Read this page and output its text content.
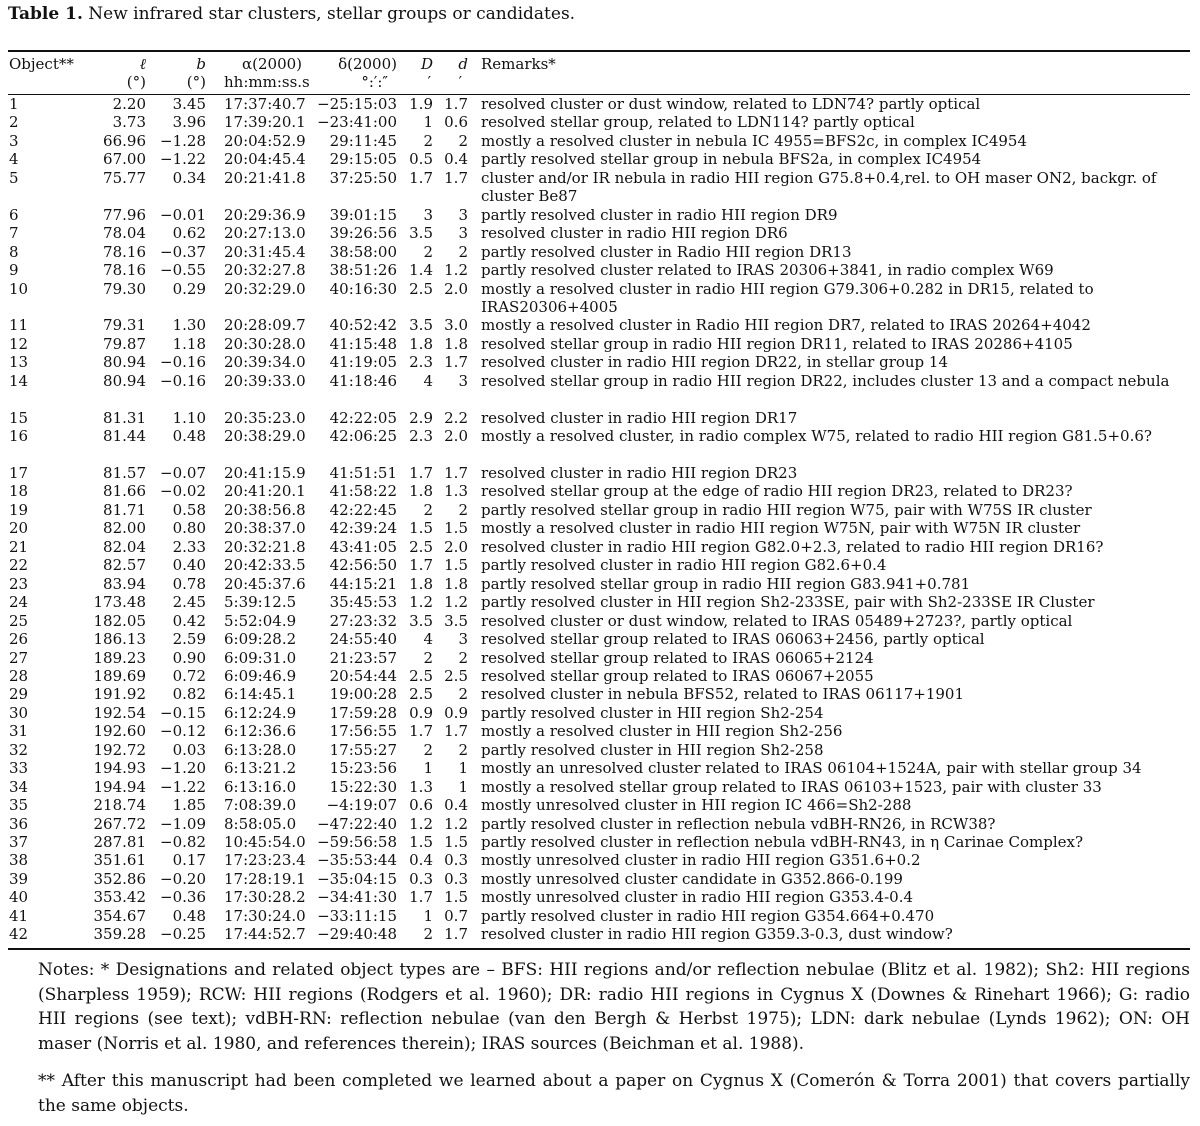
Table 1. New infrared star clusters, stellar groups or candidates.
Object**	ℓ	b α(2000) δ(2000) D d Remarks*
(°)	(°) hh:mm:ss.s	°:′:″	′ ′
1	2.20 3.45 17:37:40.7 −25:15:03 1.9 1.7 resolved cluster or dust window, related to LDN74? partly optical
2	3.73 3.96 17:39:20.1 −23:41:00 1 0.6 resolved stellar group, related to LDN114? partly optical
3	66.96 −1.28 20:04:52.9 29:11:45 2 2 mostly a resolved cluster in nebula IC 4955=BFS2c, in complex IC4954
4	67.00 −1.22 20:04:45.4 29:15:05 0.5 0.4 partly resolved stellar group in nebula BFS2a, in complex IC4954
5	75.77 0.34 20:21:41.8 37:25:50 1.7 1.7 cluster and/or IR nebula in radio HII region G75.8+0.4,rel. to OH maser ON2, backgr. of cluster Be87
6	77.96 −0.01 20:29:36.9 39:01:15 3 3 partly resolved cluster in radio HII region DR9
7	78.04 0.62 20:27:13.0 39:26:56 3.5 3 resolved cluster in radio HII region DR6
8	78.16 −0.37 20:31:45.4 38:58:00 2 2 partly resolved cluster in Radio HII region DR13
9	78.16 −0.55 20:32:27.8 38:51:26 1.4 1.2 partly resolved cluster related to IRAS 20306+3841, in radio complex W69
10	79.30 0.29 20:32:29.0 40:16:30 2.5 2.0 mostly a resolved cluster in radio HII region G79.306+0.282 in DR15, related to IRAS20306+4005
11	79.31 1.30 20:28:09.7 40:52:42 3.5 3.0 mostly a resolved cluster in Radio HII region DR7, related to IRAS 20264+4042
12	79.87 1.18 20:30:28.0 41:15:48 1.8 1.8 resolved stellar group in radio HII region DR11, related to IRAS 20286+4105
13	80.94 −0.16 20:39:34.0 41:19:05 2.3 1.7 resolved cluster in radio HII region DR22, in stellar group 14
14	80.94 −0.16 20:39:33.0 41:18:46 4 3 resolved stellar group in radio HII region DR22, includes cluster 13 and a compact nebula
15	81.31 1.10 20:35:23.0 42:22:05 2.9 2.2 resolved cluster in radio HII region DR17
16	81.44 0.48 20:38:29.0 42:06:25 2.3 2.0 mostly a resolved cluster, in radio complex W75, related to radio HII region G81.5+0.6?
17	81.57 −0.07 20:41:15.9 41:51:51 1.7 1.7 resolved cluster in radio HII region DR23
18	81.66 −0.02 20:41:20.1 41:58:22 1.8 1.3 resolved stellar group at the edge of radio HII region DR23, related to DR23?
19	81.71 0.58 20:38:56.8 42:22:45 2 2 partly resolved stellar group in radio HII region W75, pair with W75S IR cluster
20	82.00 0.80 20:38:37.0 42:39:24 1.5 1.5 mostly a resolved cluster in radio HII region W75N, pair with W75N IR cluster
21	82.04 2.33 20:32:21.8 43:41:05 2.5 2.0 resolved cluster in radio HII region G82.0+2.3, related to radio HII region DR16?
22	82.57 0.40 20:42:33.5 42:56:50 1.7 1.5 partly resolved cluster in radio HII region G82.6+0.4
23	83.94 0.78 20:45:37.6 44:15:21 1.8 1.8 partly resolved stellar group in radio HII region G83.941+0.781
24	173.48 2.45 5:39:12.5 35:45:53 1.2 1.2 partly resolved cluster in HII region Sh2-233SE, pair with Sh2-233SE IR Cluster
25	182.05 0.42 5:52:04.9 27:23:32 3.5 3.5 resolved cluster or dust window, related to IRAS 05489+2723?, partly optical
26	186.13 2.59 6:09:28.2 24:55:40 4 3 resolved stellar group related to IRAS 06063+2456, partly optical
27	189.23 0.90 6:09:31.0 21:23:57 2 2 resolved stellar group related to IRAS 06065+2124
28	189.69 0.72 6:09:46.9 20:54:44 2.5 2.5 resolved stellar group related to IRAS 06067+2055
29	191.92 0.82 6:14:45.1 19:00:28 2.5 2 resolved cluster in nebula BFS52, related to IRAS 06117+1901
30	192.54 −0.15 6:12:24.9 17:59:28 0.9 0.9 partly resolved cluster in HII region Sh2-254
31	192.60 −0.12 6:12:36.6 17:56:55 1.7 1.7 mostly a resolved cluster in HII region Sh2-256
32	192.72 0.03 6:13:28.0 17:55:27 2 2 partly resolved cluster in HII region Sh2-258
33	194.93 −1.20 6:13:21.2 15:23:56 1 1 mostly an unresolved cluster related to IRAS 06104+1524A, pair with stellar group 34
34	194.94 −1.22 6:13:16.0 15:22:30 1.3 1 mostly a resolved stellar group related to IRAS 06103+1523, pair with cluster 33
35	218.74 1.85 7:08:39.0 −4:19:07 0.6 0.4 mostly unresolved cluster in HII region IC 466=Sh2-288
36	267.72 −1.09 8:58:05.0 −47:22:40 1.2 1.2 partly resolved cluster in reflection nebula vdBH-RN26, in RCW38?
37	287.81 −0.82 10:45:54.0 −59:56:58 1.5 1.5 partly resolved cluster in reflection nebula vdBH-RN43, in η Carinae Complex?
38	351.61 0.17 17:23:23.4 −35:53:44 0.4 0.3 mostly unresolved cluster in radio HII region G351.6+0.2
39	352.86 −0.20 17:28:19.1 −35:04:15 0.3 0.3 mostly unresolved cluster candidate in G352.866-0.199
40	353.42 −0.36 17:30:28.2 −34:41:30 1.7 1.5 mostly unresolved cluster in radio HII region G353.4-0.4
41	354.67 0.48 17:30:24.0 −33:11:15 1 0.7 partly resolved cluster in radio HII region G354.664+0.470
42	359.28 −0.25 17:44:52.7 −29:40:48 2 1.7 resolved cluster in radio HII region G359.3-0.3, dust window?
Notes: * Designations and related object types are – BFS: HII regions and/or reflection nebulae (Blitz et al. 1982); Sh2: HII regions (Sharpless 1959); RCW: HII regions (Rodgers et al. 1960); DR: radio HII regions in Cygnus X (Downes & Rinehart 1966); G: radio HII regions (see text); vdBH-RN: reflection nebulae (van den Bergh & Herbst 1975); LDN: dark nebulae (Lynds 1962); ON: OH maser (Norris et al. 1980, and references therein); IRAS sources (Beichman et al. 1988).
** After this manuscript had been completed we learned about a paper on Cygnus X (Comerón & Torra 2001) that covers partially the same objects.
